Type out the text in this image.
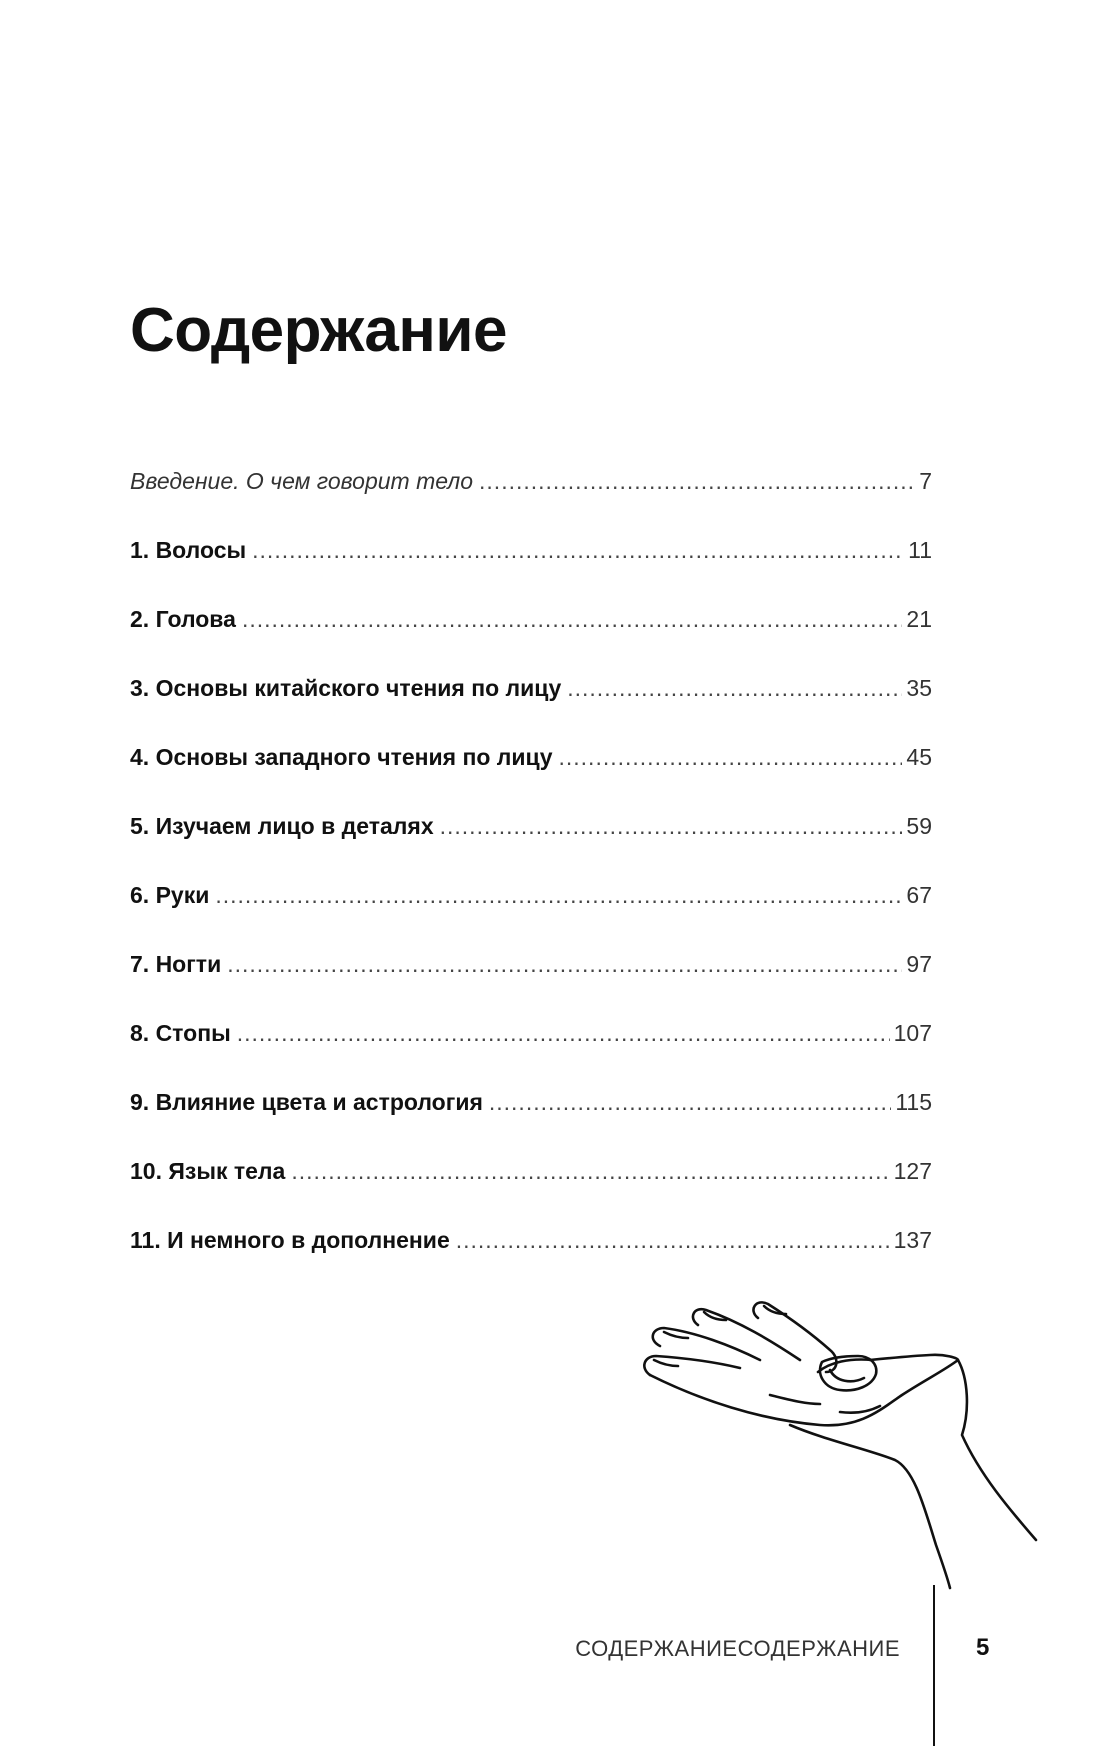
Содержание
Введение. О чем говорит тело .....	7
1. Волосы .....	11
2. Голова .....	21
3. Основы китайского чтения по лицу .....	35
4. Основы западного чтения по лицу .....	45
5. Изучаем лицо в деталях .....	59
6. Руки .....	67
7. Ногти .....	97
8. Стопы .....	107
9. Влияние цвета и астрология .....	115
10. Язык тела .....	127
11. И немного в дополнение .....	137
СОДЕРЖАНИЕСОДЕРЖАНИЕ	5
